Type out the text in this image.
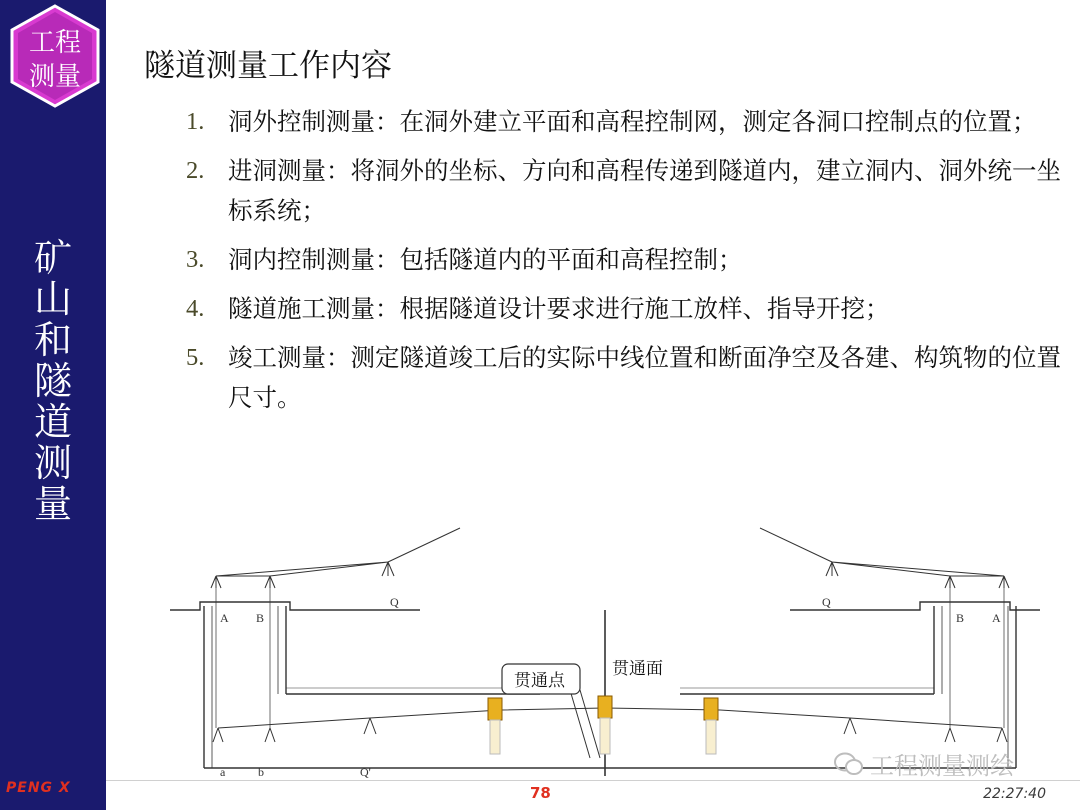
工程
测量
矿
山
和
隧
道
测
量
PENG X
隧道测量工作内容
1. 洞外控制测量：在洞外建立平面和高程控制网，测定各洞口控制点的位置；
2. 进洞测量：将洞外的坐标、方向和高程传递到隧道内，建立洞内、洞外统一坐标系统；
3. 洞内控制测量：包括隧道内的平面和高程控制；
4. 隧道施工测量：根据隧道设计要求进行施工放样、指导开挖；
5. 竣工测量：测定隧道竣工后的实际中线位置和断面净空及各建、构筑物的位置尺寸。
A B
a	b
Q
Q'
A
B
Q
贯通点
贯通面
工程测量测绘
78	22:27:40
